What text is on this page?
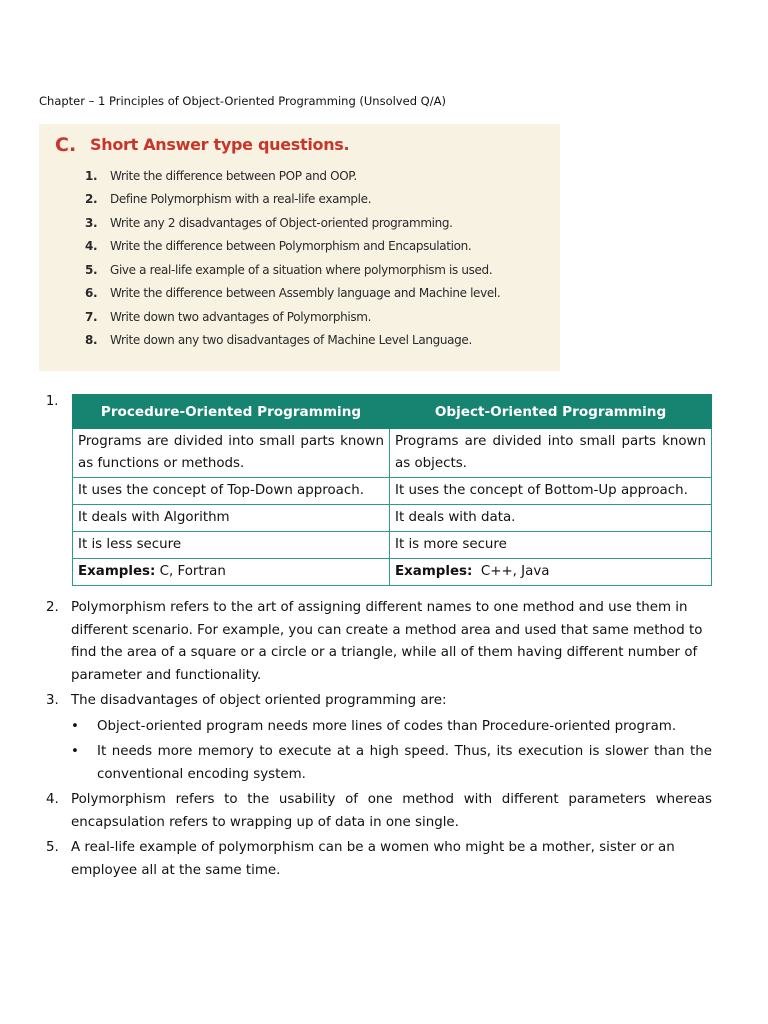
Chapter – 1 Principles of Object-Oriented Programming (Unsolved Q/A)
C. Short Answer type questions.
1.	Write the difference between POP and OOP.
2.	Define Polymorphism with a real-life example.
3.	Write any 2 disadvantages of Object-oriented programming.
4.	Write the difference between Polymorphism and Encapsulation.
5.	Give a real-life example of a situation where polymorphism is used.
6.	Write the difference between Assembly language and Machine level.
7.	Write down two advantages of Polymorphism.
8.	Write down any two disadvantages of Machine Level Language.
1.
Procedure-Oriented Programming	Object-Oriented Programming
Programs are divided into small parts known as functions or methods.	Programs are divided into small parts known as objects.
It uses the concept of Top-Down approach.	It uses the concept of Bottom-Up approach.
It deals with Algorithm	It deals with data.
It is less secure	It is more secure
Examples: C, Fortran	Examples:  C++, Java
2. Polymorphism refers to the art of assigning different names to one method and use them in different scenario. For example, you can create a method area and used that same method to find the area of a square or a circle or a triangle, while all of them having different number of parameter and functionality.
3. The disadvantages of object oriented programming are:
•	Object-oriented program needs more lines of codes than Procedure-oriented program.
•	It needs more memory to execute at a high speed. Thus, its execution is slower than the conventional encoding system.
4. Polymorphism refers to the usability of one method with different parameters whereas encapsulation refers to wrapping up of data in one single.
5. A real-life example of polymorphism can be a women who might be a mother, sister or an employee all at the same time.
